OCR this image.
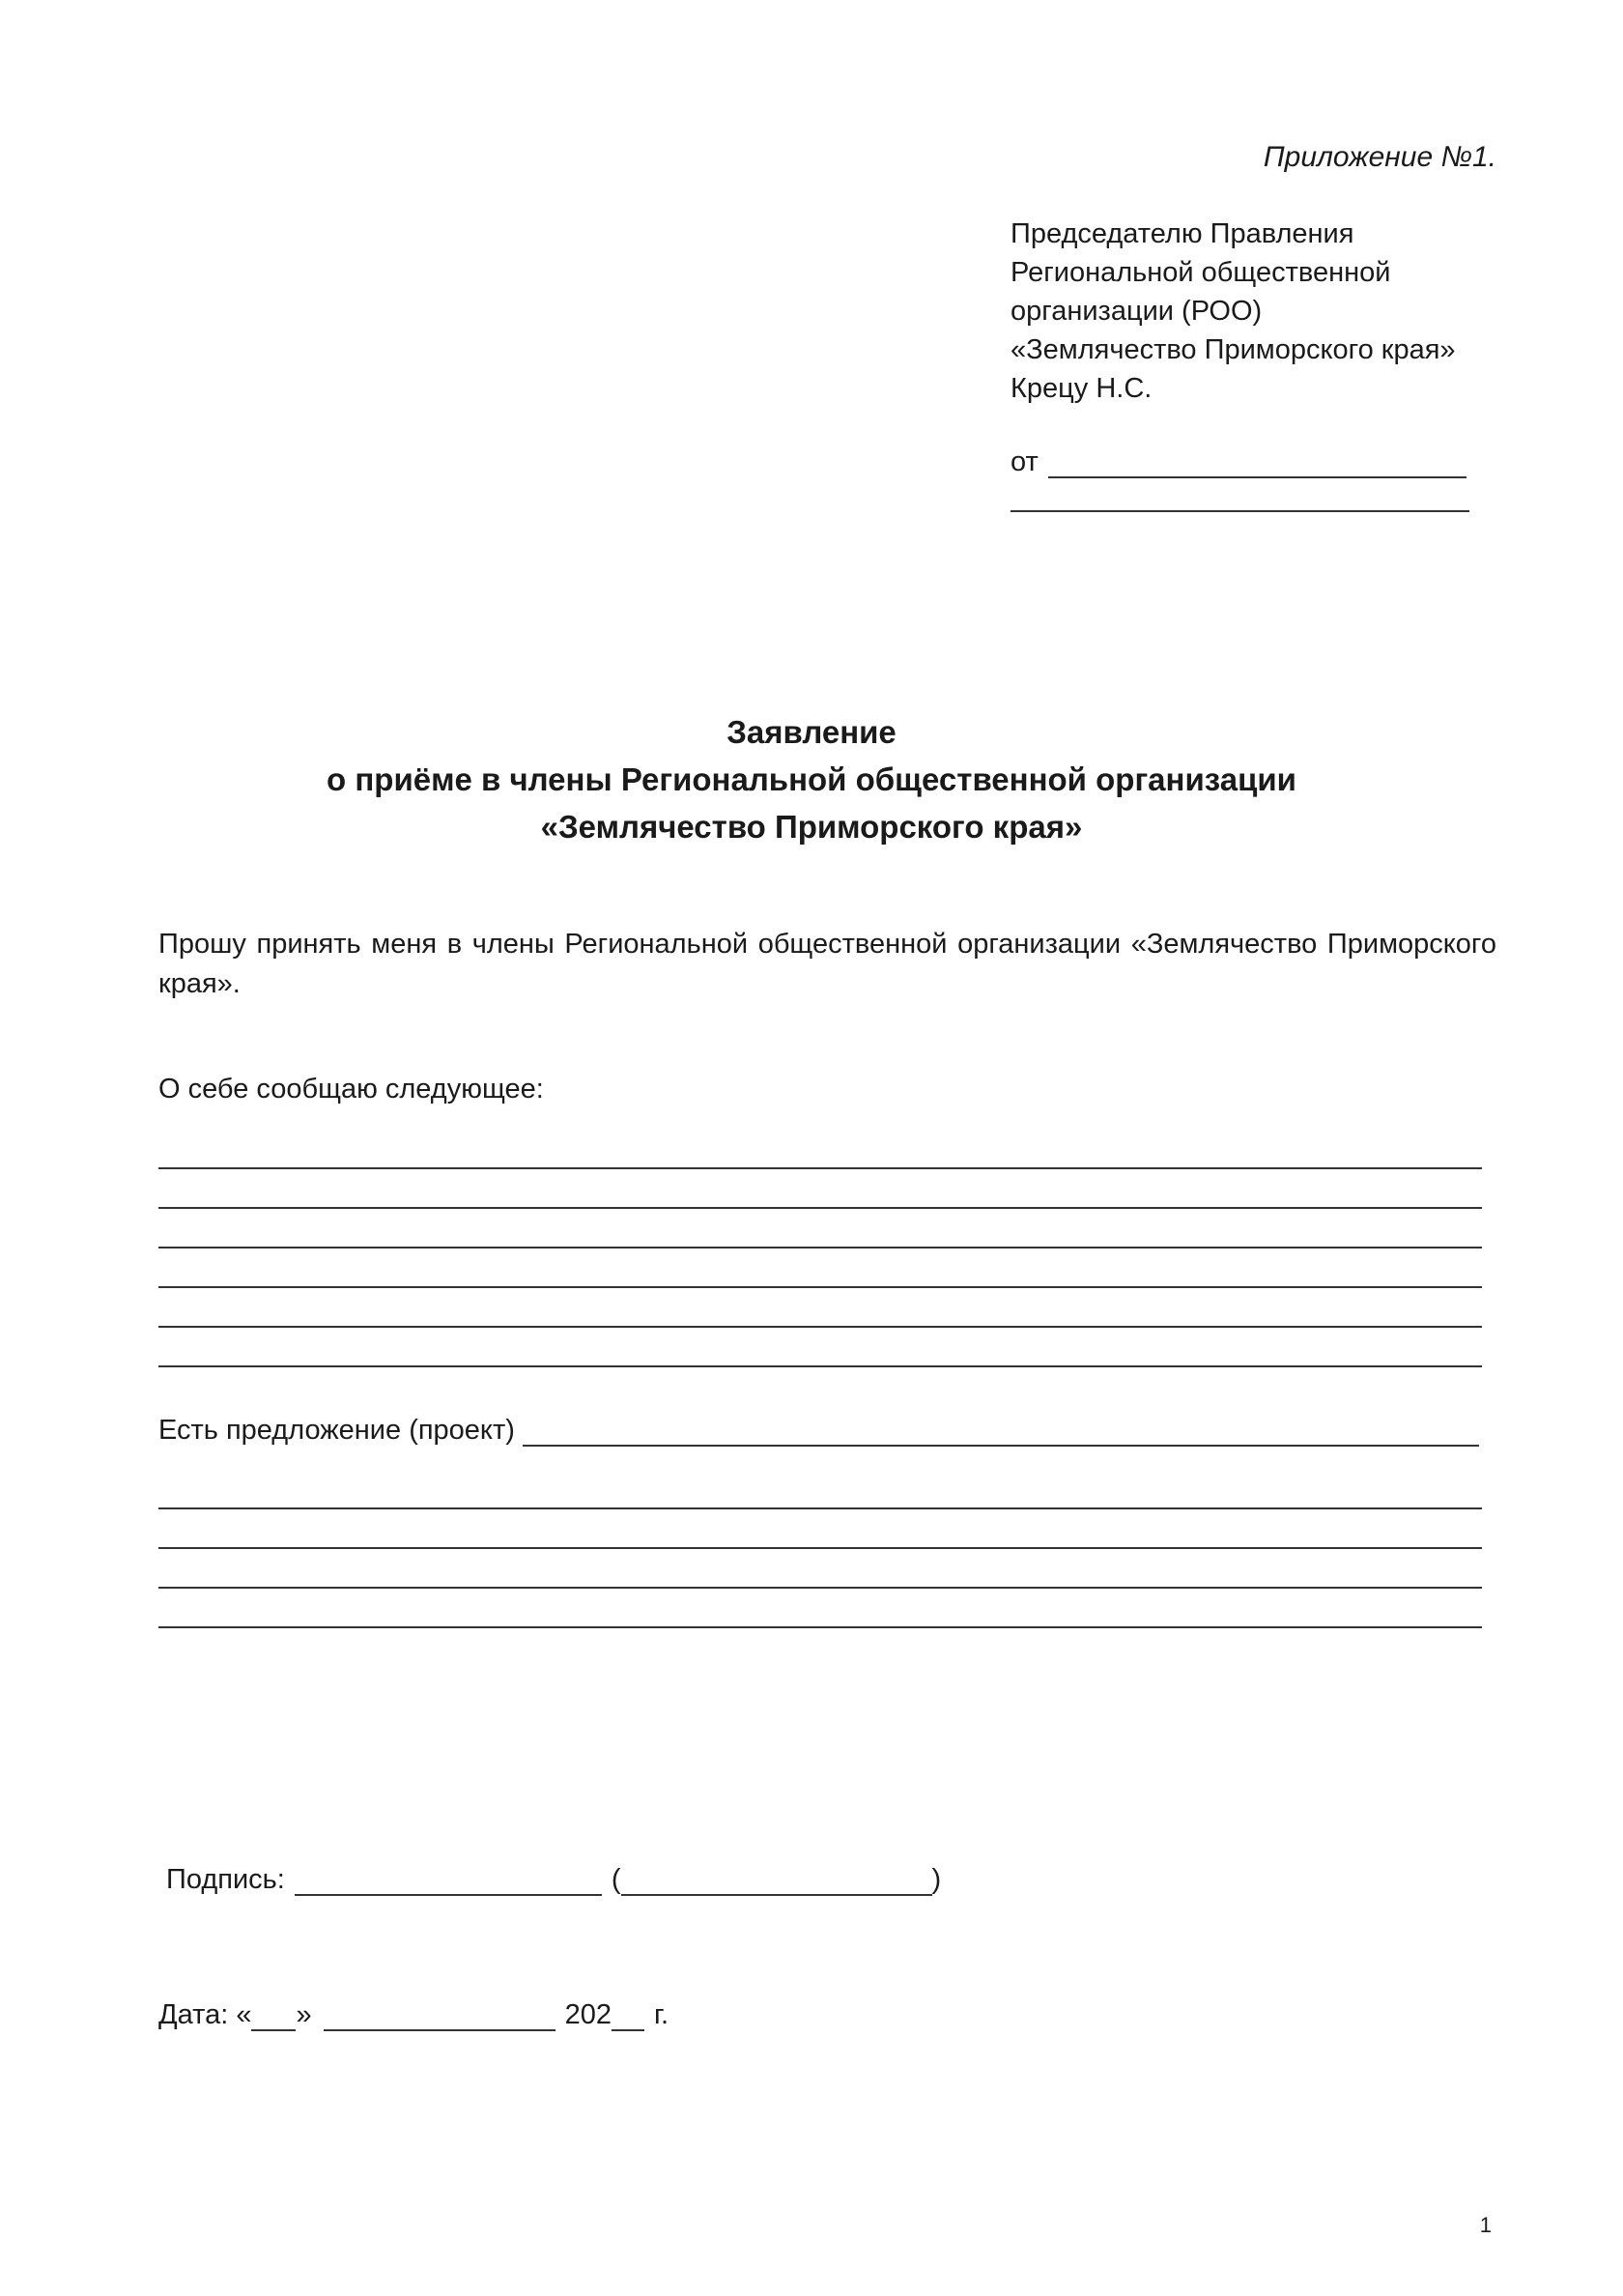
Приложение №1.
Председателю Правления
Региональной общественной
организации (РОО)
«Землячество Приморского края»
Крецу Н.С.
от
Заявление
о приёме в члены Региональной общественной организации
«Землячество Приморского края»
Прошу принять меня в члены Региональной общественной организации «Землячество Приморского края».
О себе сообщаю следующее:
Есть предложение (проект)
Подпись:	(	)
Дата: « »	202 г.
1
